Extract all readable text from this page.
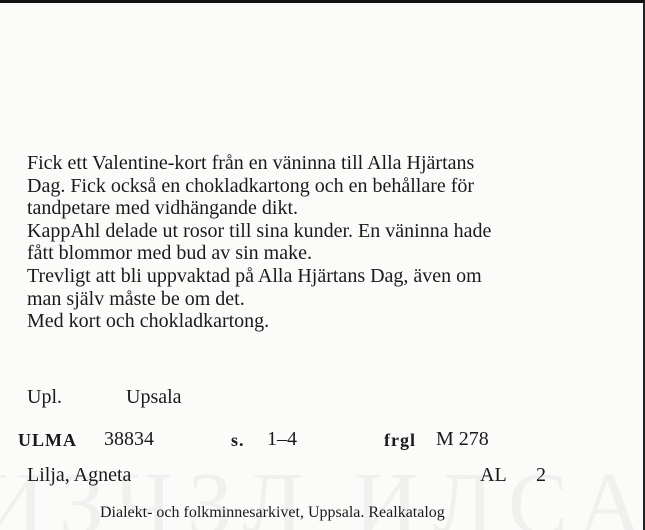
Fick ett Valentine-kort från en väninna till Alla Hjärtans

Dag. Fick också en chokladkartong och en behållare för

tandpetare med vidhängande dikt.

KappAhl delade ut rosor till sina kunder. En väninna hade

fått blommor med bud av sin make.

Trevligt att bli uppvaktad på Alla Hjärtans Dag, även om

man själv måste be om det.

Med kort och chokladkartong.

Upl.	Upsala
ULMA 38834	s. 1–4	frgl M 278
Lilja, Agneta	AL 2
Dialekt- och folkminnesarkivet, Uppsala. Realkatalog
